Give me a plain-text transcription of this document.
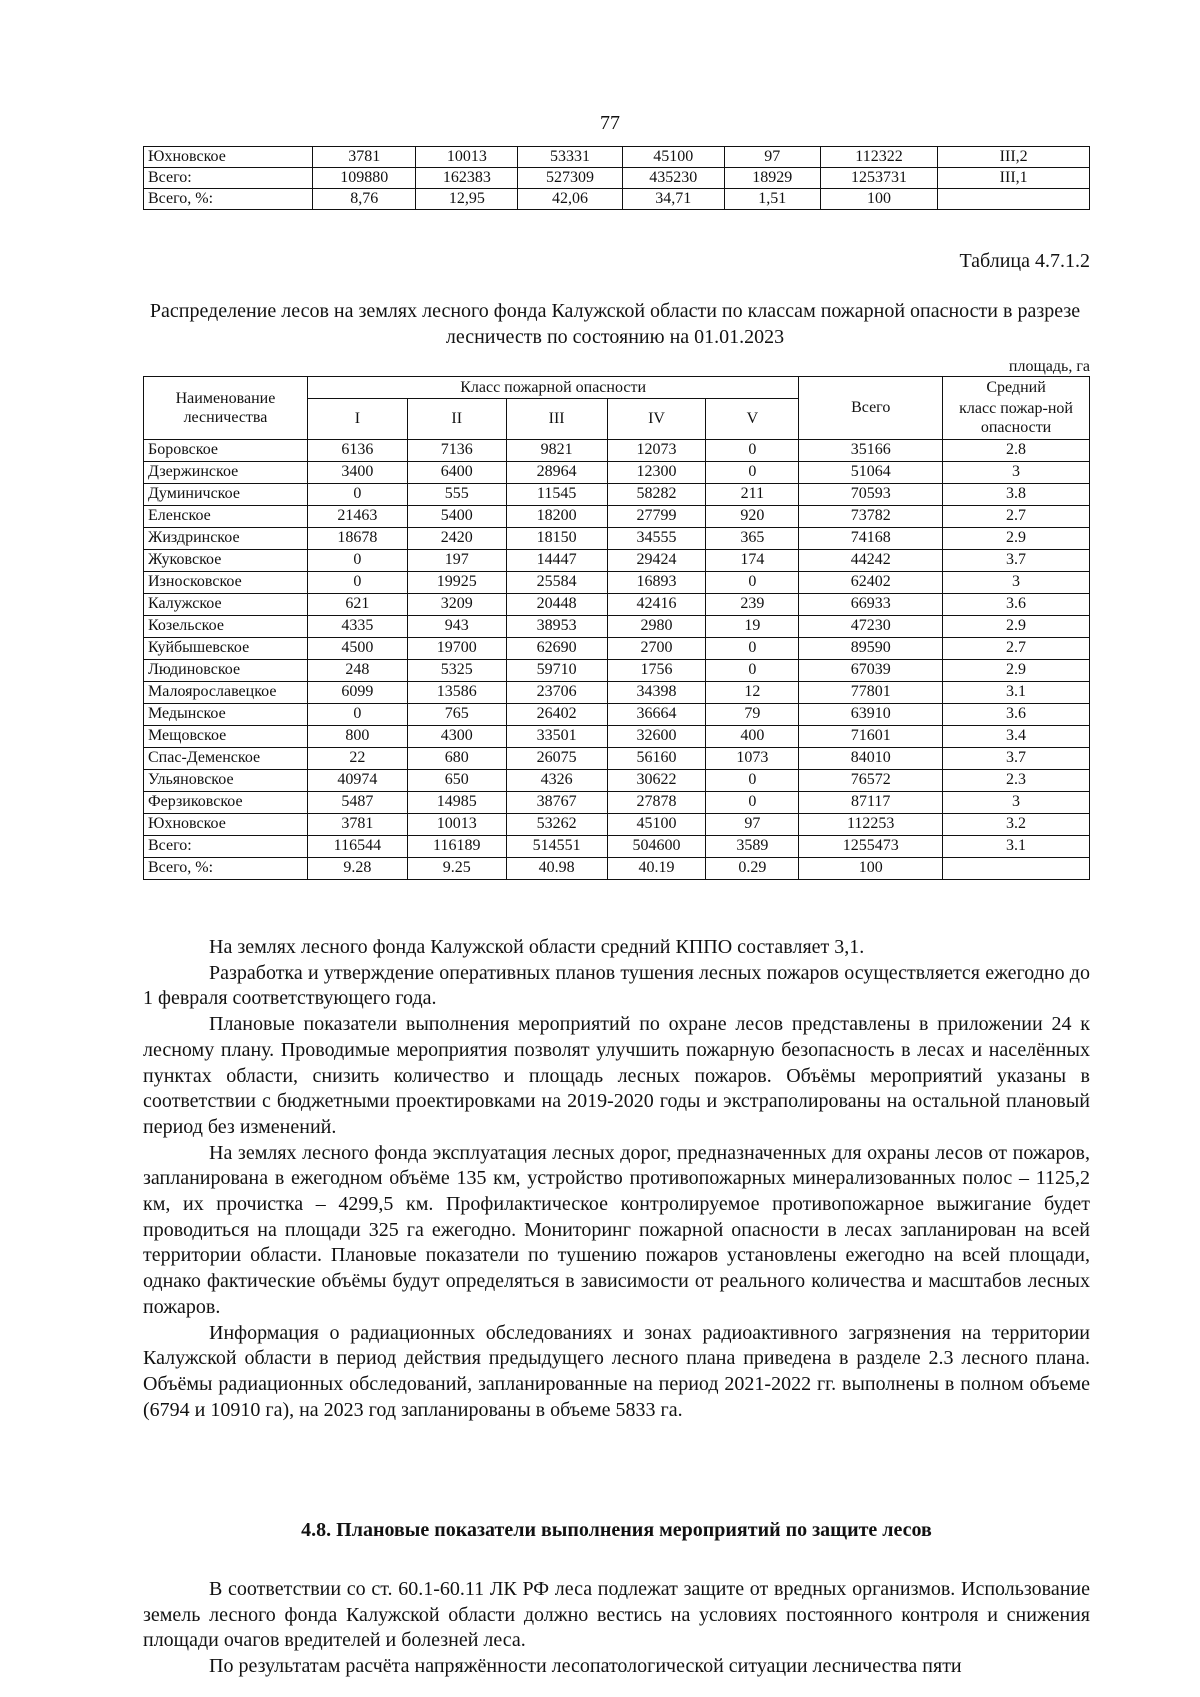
77
Юхновское	3781	10013	53331	45100	97	112322	III,2
Всего:	109880	162383	527309	435230	18929	1253731	III,1
Всего, %:	8,76	12,95	42,06	34,71	1,51	100	
Таблица 4.7.1.2
Распределение лесов на землях лесного фонда Калужской области по классам пожарной опасности в разрезе лесничеств по состоянию на 01.01.2023
площадь, га
Наименование лесничества	Класс пожарной опасности					Всего	Средний
	I	II	III	IV	V		класс пожар-ной опасности
Боровское	6136	7136	9821	12073	0	35166	2.8
Дзержинское	3400	6400	28964	12300	0	51064	3
Думиничское	0	555	11545	58282	211	70593	3.8
Еленское	21463	5400	18200	27799	920	73782	2.7
Жиздринское	18678	2420	18150	34555	365	74168	2.9
Жуковское	0	197	14447	29424	174	44242	3.7
Износковское	0	19925	25584	16893	0	62402	3
Калужское	621	3209	20448	42416	239	66933	3.6
Козельское	4335	943	38953	2980	19	47230	2.9
Куйбышевское	4500	19700	62690	2700	0	89590	2.7
Людиновское	248	5325	59710	1756	0	67039	2.9
Малоярославецкое	6099	13586	23706	34398	12	77801	3.1
Медынское	0	765	26402	36664	79	63910	3.6
Мещовское	800	4300	33501	32600	400	71601	3.4
Спас-Деменское	22	680	26075	56160	1073	84010	3.7
Ульяновское	40974	650	4326	30622	0	76572	2.3
Ферзиковское	5487	14985	38767	27878	0	87117	3
Юхновское	3781	10013	53262	45100	97	112253	3.2
Всего:	116544	116189	514551	504600	3589	1255473	3.1
Всего, %:	9.28	9.25	40.98	40.19	0.29	100	

На землях лесного фонда Калужской области средний КППО составляет 3,1.

Разработка и утверждение оперативных планов тушения лесных пожаров осуществляется ежегодно до 1 февраля соответствующего года.

Плановые показатели выполнения мероприятий по охране лесов представлены в приложении 24 к лесному плану. Проводимые мероприятия позволят улучшить пожарную безопасность в лесах и населённых пунктах области, снизить количество и площадь лесных пожаров. Объёмы мероприятий указаны в соответствии с бюджетными проектировками на 2019-2020 годы и экстраполированы на остальной плановый период без изменений.

На землях лесного фонда эксплуатация лесных дорог, предназначенных для охраны лесов от пожаров, запланирована в ежегодном объёме 135 км, устройство противопожарных минерализованных полос – 1125,2 км, их прочистка – 4299,5 км. Профилактическое контролируемое противопожарное выжигание будет проводиться на площади 325 га ежегодно. Мониторинг пожарной опасности в лесах запланирован на всей территории области. Плановые показатели по тушению пожаров установлены ежегодно на всей площади, однако фактические объёмы будут определяться в зависимости от реального количества и масштабов лесных пожаров.

Информация о радиационных обследованиях и зонах радиоактивного загрязнения на территории Калужской области в период действия предыдущего лесного плана приведена в разделе 2.3 лесного плана. Объёмы радиационных обследований, запланированные на период 2021-2022 гг. выполнены в полном объеме (6794 и 10910 га), на 2023 год запланированы в объеме 5833 га.

4.8. Плановые показатели выполнения мероприятий по защите лесов

В соответствии со ст. 60.1-60.11 ЛК РФ леса подлежат защите от вредных организмов. Использование земель лесного фонда Калужской области должно вестись на условиях постоянного контроля и снижения площади очагов вредителей и болезней леса.

По результатам расчёта напряжённости лесопатологической ситуации лесничества пяти
